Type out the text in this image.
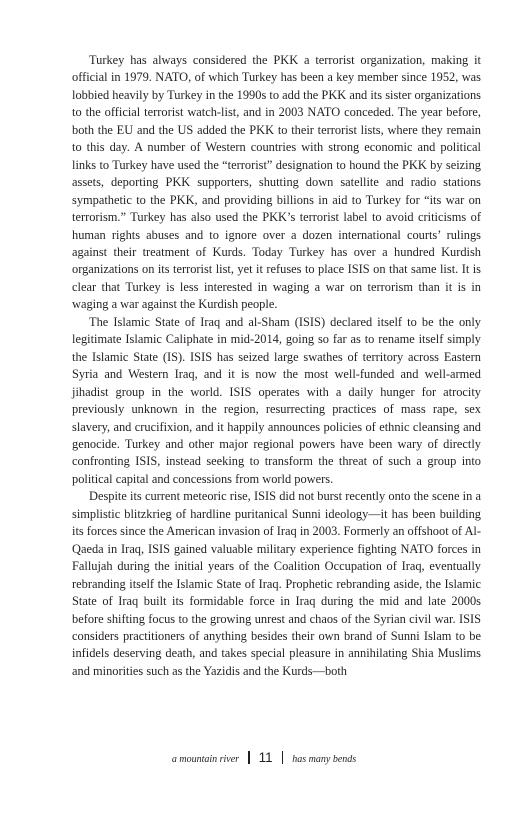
Turkey has always considered the PKK a terrorist organization, making it official in 1979. NATO, of which Turkey has been a key member since 1952, was lobbied heavily by Turkey in the 1990s to add the PKK and its sister organizations to the official terrorist watch-list, and in 2003 NATO conceded. The year before, both the EU and the US added the PKK to their terrorist lists, where they remain to this day. A number of Western countries with strong economic and political links to Turkey have used the “terrorist” designation to hound the PKK by seizing assets, deporting PKK supporters, shutting down satellite and radio stations sympathetic to the PKK, and providing billions in aid to Turkey for “its war on terrorism.” Turkey has also used the PKK’s terrorist label to avoid criticisms of human rights abuses and to ignore over a dozen international courts’ rulings against their treatment of Kurds. Today Turkey has over a hundred Kurdish organizations on its terrorist list, yet it refuses to place ISIS on that same list. It is clear that Turkey is less interested in waging a war on terrorism than it is in waging a war against the Kurdish people.

The Islamic State of Iraq and al-Sham (ISIS) declared itself to be the only legitimate Islamic Caliphate in mid-2014, going so far as to rename itself simply the Islamic State (IS). ISIS has seized large swathes of territory across Eastern Syria and Western Iraq, and it is now the most well-funded and well-armed jihadist group in the world. ISIS operates with a daily hunger for atrocity previously unknown in the region, resurrecting practices of mass rape, sex slavery, and crucifixion, and it happily announces policies of ethnic cleansing and genocide. Turkey and other major regional powers have been wary of directly confronting ISIS, instead seeking to transform the threat of such a group into political capital and concessions from world powers.

Despite its current meteoric rise, ISIS did not burst recently onto the scene in a simplistic blitzkrieg of hardline puritanical Sunni ideology—it has been building its forces since the American invasion of Iraq in 2003. Formerly an offshoot of Al-Qaeda in Iraq, ISIS gained valuable military experience fighting NATO forces in Fallujah during the initial years of the Coalition Occupation of Iraq, eventually rebranding itself the Islamic State of Iraq. Prophetic rebranding aside, the Islamic State of Iraq built its formidable force in Iraq during the mid and late 2000s before shifting focus to the growing unrest and chaos of the Syrian civil war. ISIS considers practitioners of anything besides their own brand of Sunni Islam to be infidels deserving death, and takes special pleasure in annihilating Shia Muslims and minorities such as the Yazidis and the Kurds—both

a mountain river 11 has many bends
